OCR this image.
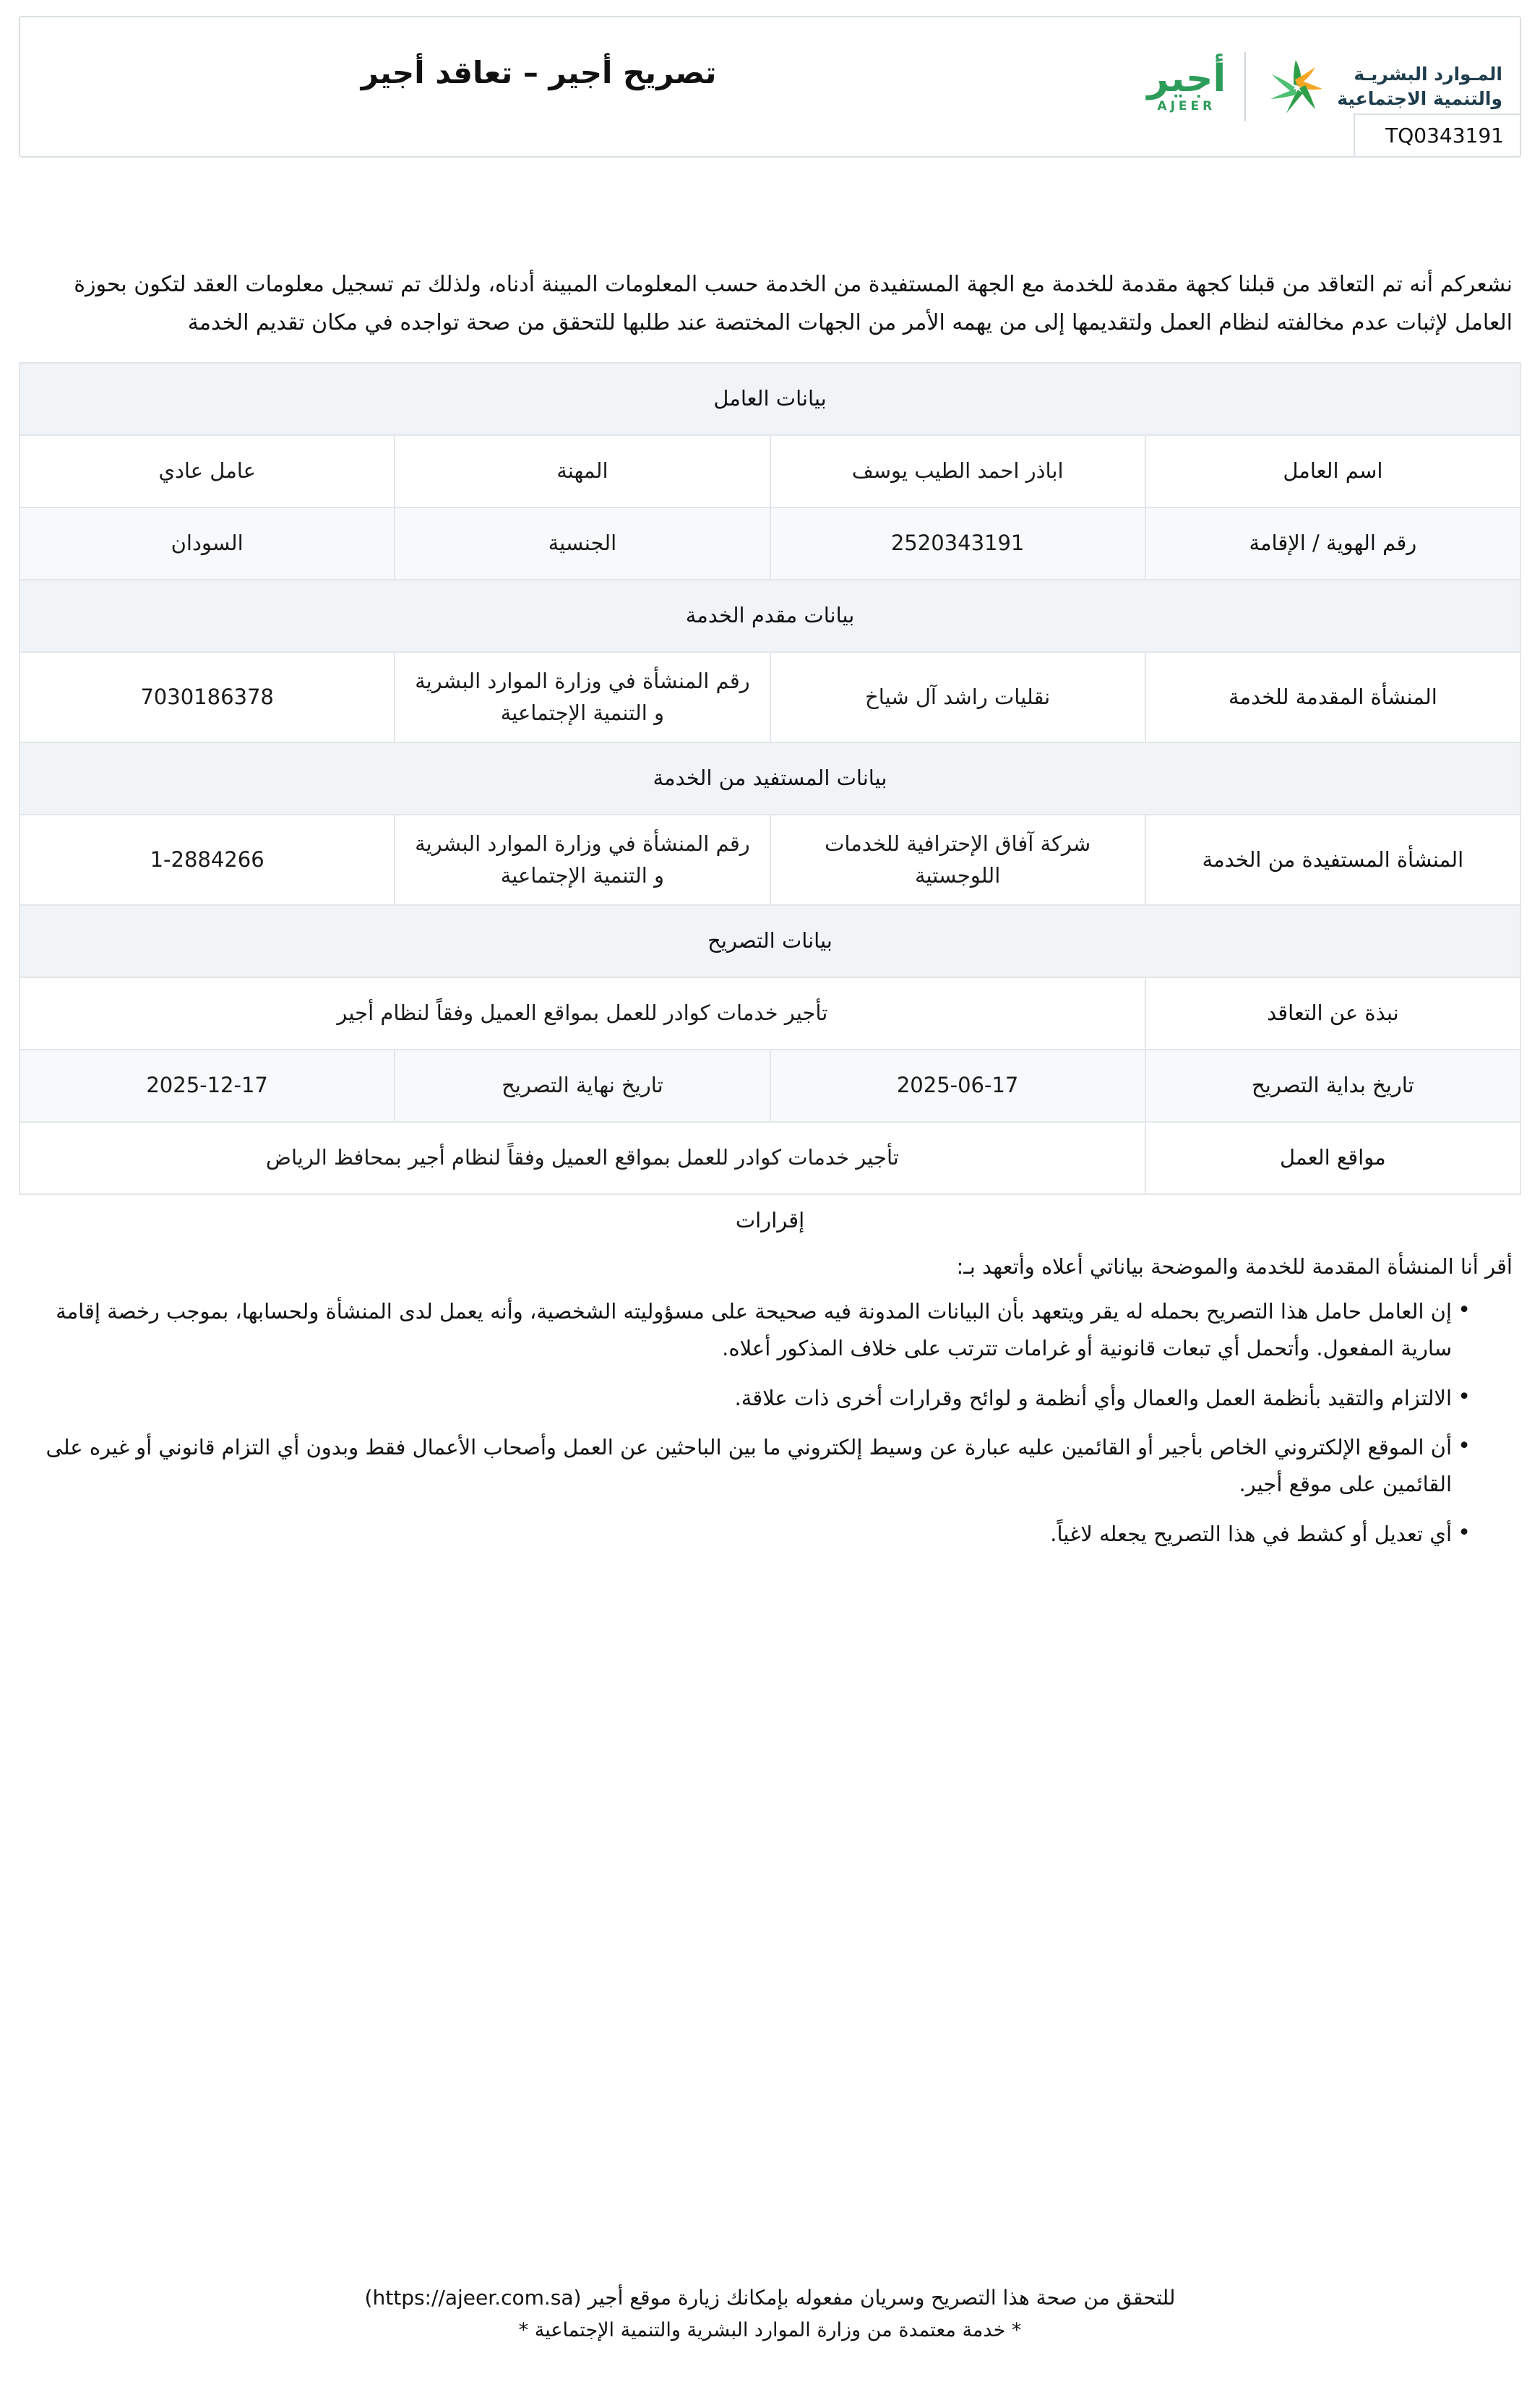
المـوارد البشريـة
والتنمية الاجتماعية
أجير
AJEER
تصريح أجير – تعاقد أجير
TQ0343191
نشعركم أنه تم التعاقد من قبلنا كجهة مقدمة للخدمة مع الجهة المستفيدة من الخدمة حسب المعلومات المبينة أدناه، ولذلك تم تسجيل معلومات العقد لتكون بحوزة العامل لإثبات عدم مخالفته لنظام العمل ولتقديمها إلى من يهمه الأمر من الجهات المختصة عند طلبها للتحقق من صحة تواجده في مكان تقديم الخدمة
بيانات العامل			
اسم العامل	اباذر احمد الطيب يوسف	المهنة	عامل عادي
رقم الهوية / الإقامة	2520343191	الجنسية	السودان
بيانات مقدم الخدمة			
المنشأة المقدمة للخدمة	نقليات راشد آل شياخ	رقم المنشأة في وزارة الموارد البشرية و التنمية الإجتماعية	7030186378
بيانات المستفيد من الخدمة			
المنشأة المستفيدة من الخدمة	شركة آفاق الإحترافية للخدمات اللوجستية	رقم المنشأة في وزارة الموارد البشرية و التنمية الإجتماعية	1-2884266
بيانات التصريح			
نبذة عن التعاقد	تأجير خدمات كوادر للعمل بمواقع العميل وفقاً لنظام أجير		
تاريخ بداية التصريح	2025-06-17	تاريخ نهاية التصريح	2025-12-17
مواقع العمل	تأجير خدمات كوادر للعمل بمواقع العميل وفقاً لنظام أجير بمحافظ الرياض		
إقرارات
أقر أنا المنشأة المقدمة للخدمة والموضحة بياناتي أعلاه وأتعهد بـ:
• إن العامل حامل هذا التصريح بحمله له يقر ويتعهد بأن البيانات المدونة فيه صحيحة على مسؤوليته الشخصية، وأنه يعمل لدى المنشأة ولحسابها، بموجب رخصة إقامة سارية المفعول. وأتحمل أي تبعات قانونية أو غرامات تترتب على خلاف المذكور أعلاه.
• الالتزام والتقيد بأنظمة العمل والعمال وأي أنظمة و لوائح وقرارات أخرى ذات علاقة.
• أن الموقع الإلكتروني الخاص بأجير أو القائمين عليه عبارة عن وسيط إلكتروني ما بين الباحثين عن العمل وأصحاب الأعمال فقط وبدون أي التزام قانوني أو غيره على القائمين على موقع أجير.
• أي تعديل أو كشط في هذا التصريح يجعله لاغياً.
للتحقق من صحة هذا التصريح وسريان مفعوله بإمكانك زيارة موقع أجير (https://ajeer.com.sa)
* خدمة معتمدة من وزارة الموارد البشرية والتنمية الإجتماعية *
